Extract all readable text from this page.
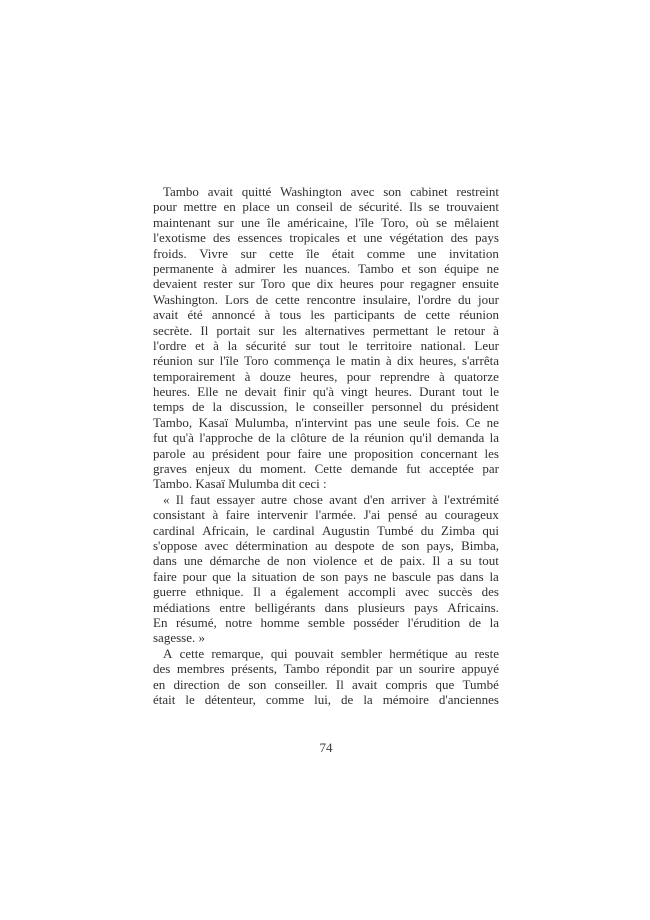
Tambo avait quitté Washington avec son cabinet restreint
pour mettre en place un conseil de sécurité. Ils se trouvaient
maintenant sur une île américaine, l'île Toro, où se mêlaient
l'exotisme des essences tropicales et une végétation des pays
froids. Vivre sur cette île était comme une invitation
permanente à admirer les nuances. Tambo et son équipe ne
devaient rester sur Toro que dix heures pour regagner ensuite
Washington. Lors de cette rencontre insulaire, l'ordre du jour
avait été annoncé à tous les participants de cette réunion
secrète. Il portait sur les alternatives permettant le retour à
l'ordre et à la sécurité sur tout le territoire national. Leur
réunion sur l'île Toro commença le matin à dix heures, s'arrêta
temporairement à douze heures, pour reprendre à quatorze
heures. Elle ne devait finir qu'à vingt heures. Durant tout le
temps de la discussion, le conseiller personnel du président
Tambo, Kasaï Mulumba, n'intervint pas une seule fois. Ce ne
fut qu'à l'approche de la clôture de la réunion qu'il demanda la
parole au président pour faire une proposition concernant les
graves enjeux du moment. Cette demande fut acceptée par
Tambo. Kasaï Mulumba dit ceci :
« Il faut essayer autre chose avant d'en arriver à l'extrémité
consistant à faire intervenir l'armée. J'ai pensé au courageux
cardinal Africain, le cardinal Augustin Tumbé du Zimba qui
s'oppose avec détermination au despote de son pays, Bimba,
dans une démarche de non violence et de paix. Il a su tout
faire pour que la situation de son pays ne bascule pas dans la
guerre ethnique. Il a également accompli avec succès des
médiations entre belligérants dans plusieurs pays Africains.
En résumé, notre homme semble posséder l'érudition de la
sagesse. »
A cette remarque, qui pouvait sembler hermétique au reste
des membres présents, Tambo répondit par un sourire appuyé
en direction de son conseiller. Il avait compris que Tumbé
était le détenteur, comme lui, de la mémoire d'anciennes
74
